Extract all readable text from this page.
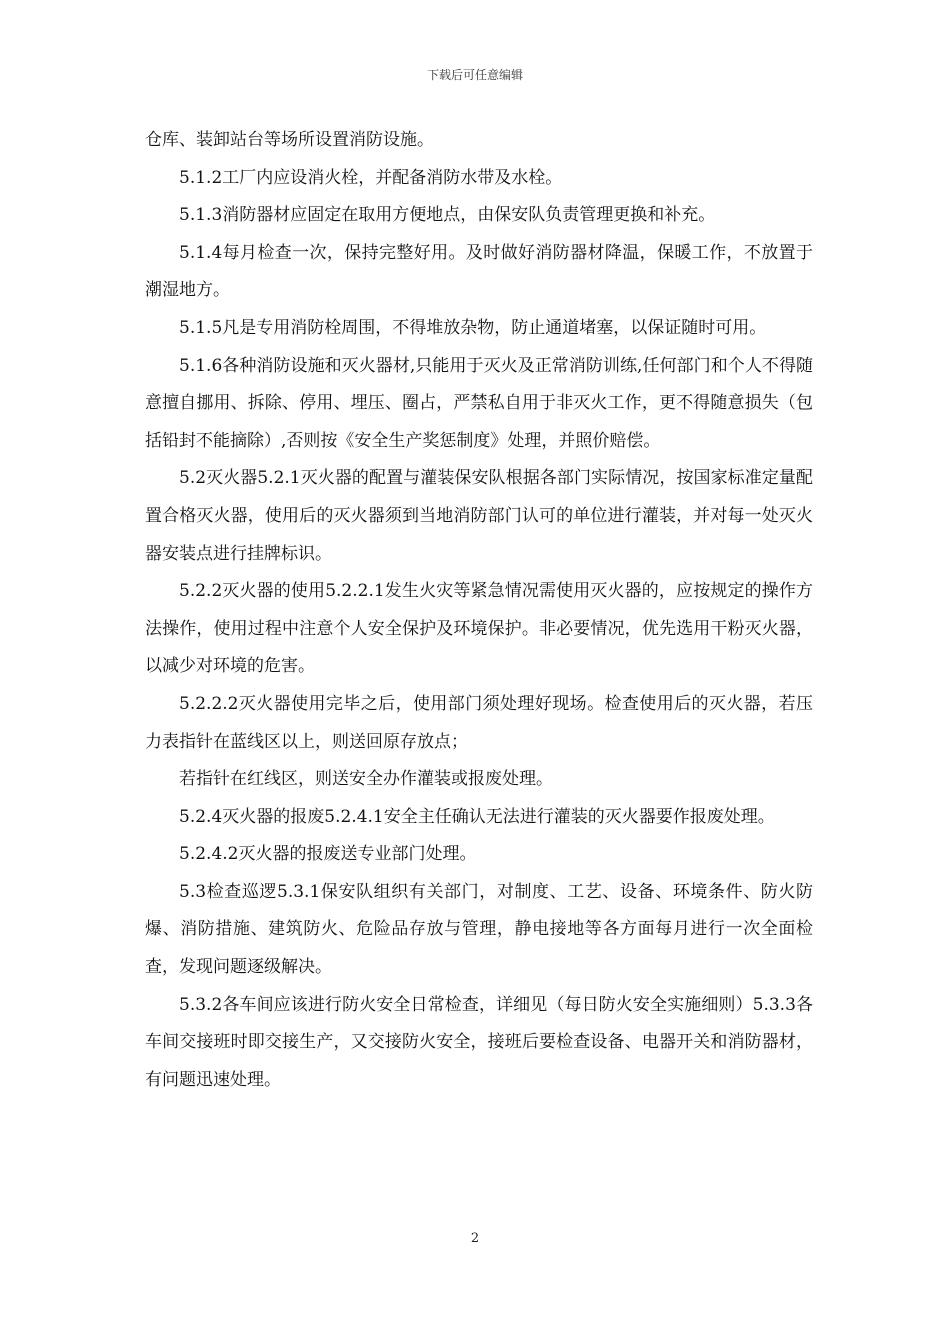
下载后可任意编辑

仓库、装卸站台等场所设置消防设施。

5.1.2工厂内应设消火栓，并配备消防水带及水栓。

5.1.3消防器材应固定在取用方便地点，由保安队负责管理更换和补充。

5.1.4每月检查一次，保持完整好用。及时做好消防器材降温，保暖工作，不放置于潮湿地方。

5.1.5凡是专用消防栓周围，不得堆放杂物，防止通道堵塞，以保证随时可用。

5.1.6各种消防设施和灭火器材,只能用于灭火及正常消防训练,任何部门和个人不得随意擅自挪用、拆除、停用、埋压、圈占，严禁私自用于非灭火工作，更不得随意损失（包括铅封不能摘除）,否则按《安全生产奖惩制度》处理，并照价赔偿。

5.2灭火器5.2.1灭火器的配置与灌装保安队根据各部门实际情况，按国家标准定量配置合格灭火器，使用后的灭火器须到当地消防部门认可的单位进行灌装，并对每一处灭火器安装点进行挂牌标识。

5.2.2灭火器的使用5.2.2.1发生火灾等紧急情况需使用灭火器的，应按规定的操作方法操作，使用过程中注意个人安全保护及环境保护。非必要情况，优先选用干粉灭火器，以减少对环境的危害。

5.2.2.2灭火器使用完毕之后，使用部门须处理好现场。检查使用后的灭火器，若压力表指针在蓝线区以上，则送回原存放点；

若指针在红线区，则送安全办作灌装或报废处理。

5.2.4灭火器的报废5.2.4.1安全主任确认无法进行灌装的灭火器要作报废处理。

5.2.4.2灭火器的报废送专业部门处理。

5.3检查巡逻5.3.1保安队组织有关部门，对制度、工艺、设备、环境条件、防火防爆、消防措施、建筑防火、危险品存放与管理，静电接地等各方面每月进行一次全面检查，发现问题逐级解决。

5.3.2各车间应该进行防火安全日常检查，详细见（每日防火安全实施细则）5.3.3各车间交接班时即交接生产，又交接防火安全，接班后要检查设备、电器开关和消防器材，有问题迅速处理。

2
